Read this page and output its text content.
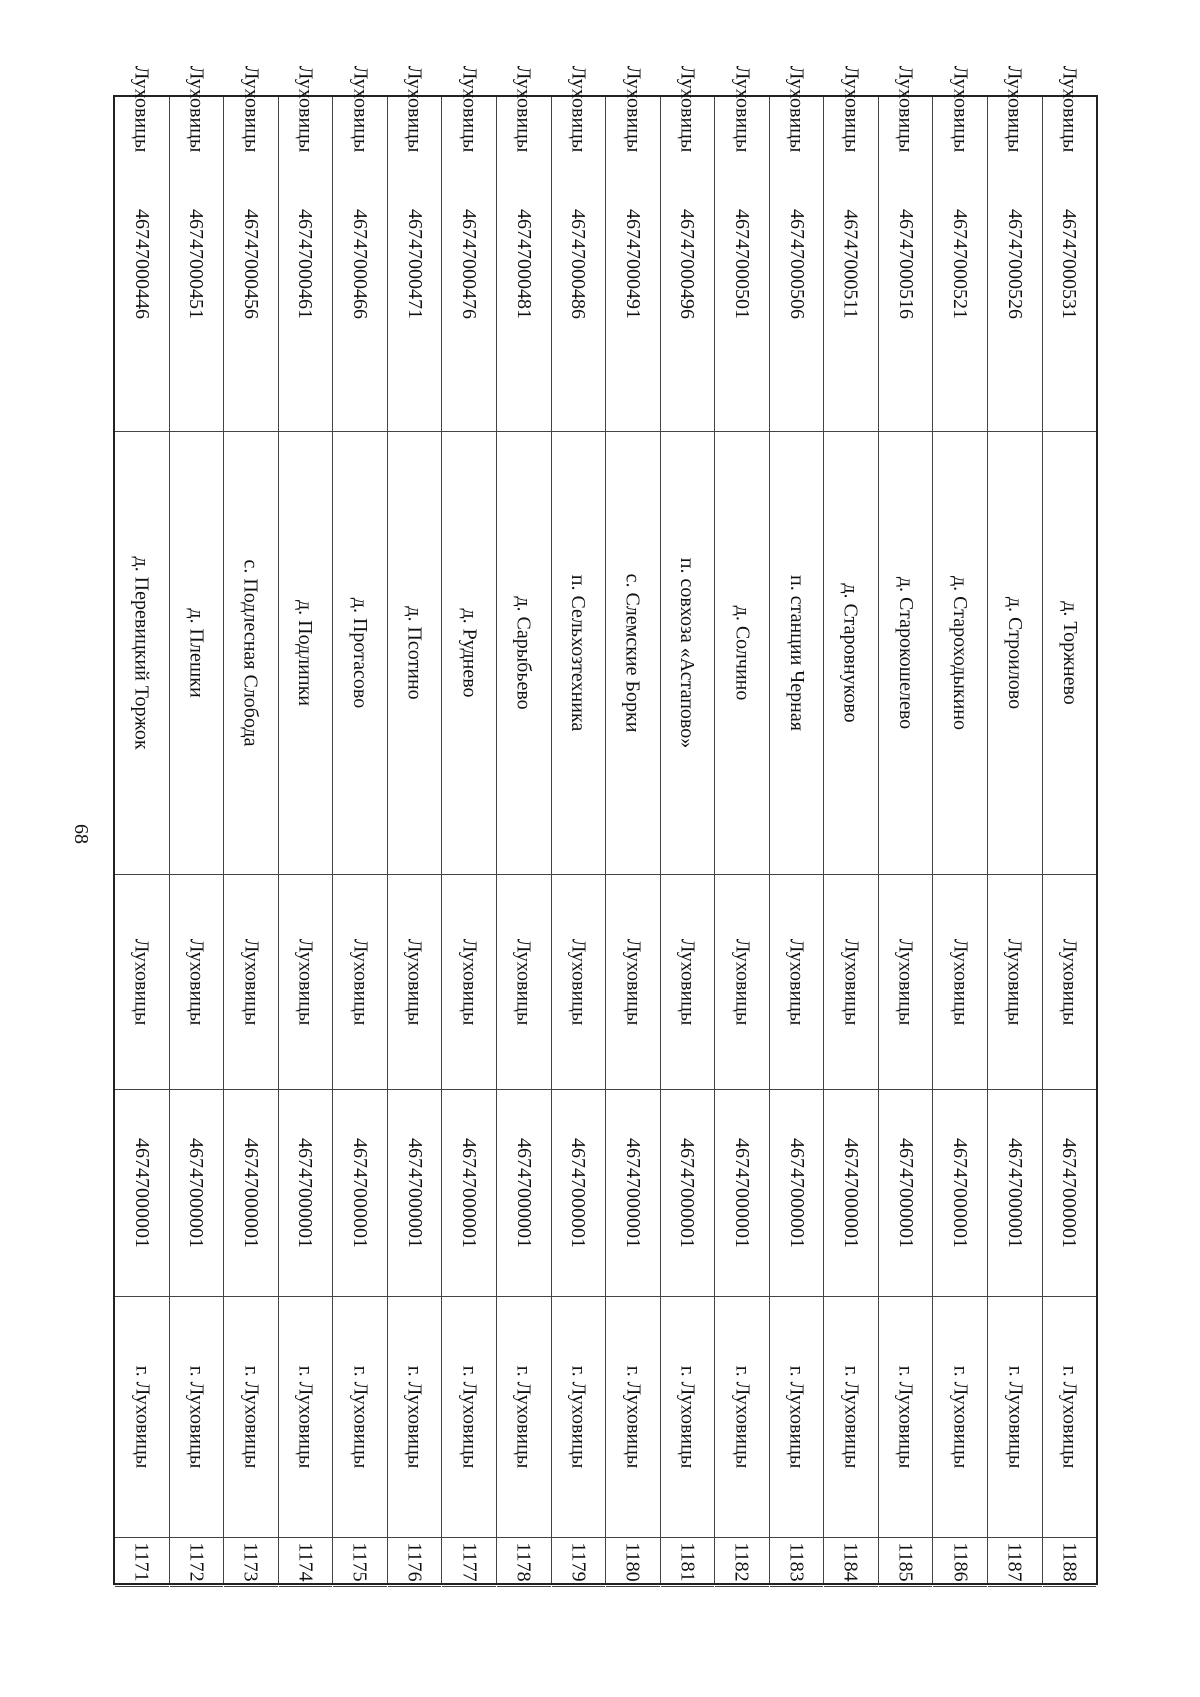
68
1171
г. Луховицы
46747000001
Луховицы
д. Перевицкий Торжок
46747000446
Луховицы
1172
г. Луховицы
46747000001
Луховицы
д. Плешки
46747000451
Луховицы
1173
г. Луховицы
46747000001
Луховицы
с. Подлесная Слобода
46747000456
Луховицы
1174
г. Луховицы
46747000001
Луховицы
д. Подлипки
46747000461
Луховицы
1175
г. Луховицы
46747000001
Луховицы
д. Протасово
46747000466
Луховицы
1176
г. Луховицы
46747000001
Луховицы
д. Псотино
46747000471
Луховицы
1177
г. Луховицы
46747000001
Луховицы
д. Руднево
46747000476
Луховицы
1178
г. Луховицы
46747000001
Луховицы
д. Сарыбьево
46747000481
Луховицы
1179
г. Луховицы
46747000001
Луховицы
п. Сельхозтехника
46747000486
Луховицы
1180
г. Луховицы
46747000001
Луховицы
с. Слемские Борки
46747000491
Луховицы
1181
г. Луховицы
46747000001
Луховицы
п. совхоза «Астапово»
46747000496
Луховицы
1182
г. Луховицы
46747000001
Луховицы
д. Солчино
46747000501
Луховицы
1183
г. Луховицы
46747000001
Луховицы
п. станции Черная
46747000506
Луховицы
1184
г. Луховицы
46747000001
Луховицы
д. Старовнуково
46747000511
Луховицы
1185
г. Луховицы
46747000001
Луховицы
д. Старокошелево
46747000516
Луховицы
1186
г. Луховицы
46747000001
Луховицы
д. Староходыкино
46747000521
Луховицы
1187
г. Луховицы
46747000001
Луховицы
д. Строилово
46747000526
Луховицы
1188
г. Луховицы
46747000001
Луховицы
д. Торжнево
46747000531
Луховицы
